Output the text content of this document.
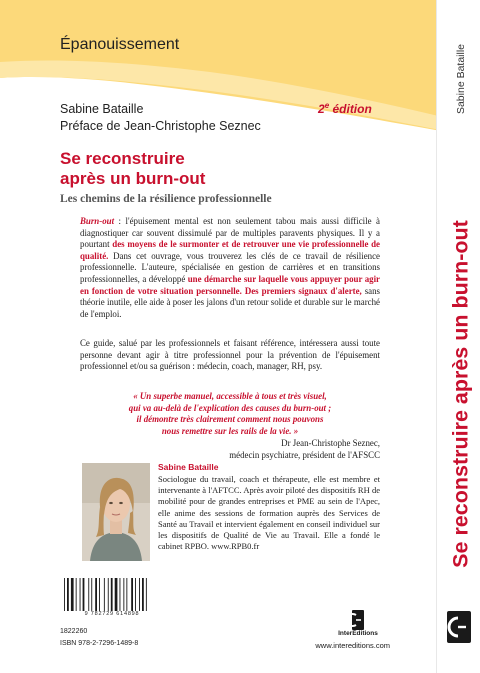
Épanouissement
Sabine Bataille
Préface de Jean-Christophe Seznec
2e édition
Se reconstruire
après un burn-out
Les chemins de la résilience professionnelle
Burn-out : l'épuisement mental est non seulement tabou mais aussi difficile à diagnostiquer car souvent dissimulé par de multiples paravents physiques. Il y a pourtant des moyens de le surmonter et de retrouver une vie professionnelle de qualité. Dans cet ouvrage, vous trouverez les clés de ce travail de résilience professionnelle. L'auteure, spécialisée en gestion de carrières et en transitions professionnelles, a développé une démarche sur laquelle vous appuyer pour agir en fonction de votre situation personnelle. Des premiers signaux d'alerte, sans théorie inutile, elle aide à poser les jalons d'un retour solide et durable sur le marché de l'emploi.
Ce guide, salué par les professionnels et faisant référence, intéressera aussi toute personne devant agir à titre professionnel pour la prévention de l'épuisement professionnel et/ou sa guérison : médecin, coach, manager, RH, psy.
« Un superbe manuel, accessible à tous et très visuel,
qui va au-delà de l'explication des causes du burn-out ;
il démontre très clairement comment nous pouvons
nous remettre sur les rails de la vie. »
Dr Jean-Christophe Seznec,
médecin psychiatre, président de l'AFSCC
Sabine Bataille
Sociologue du travail, coach et thérapeute, elle est membre et intervenante à l'AFTCC. Après avoir piloté des dispositifs RH de mobilité pour de grandes entreprises et PME au sein de l'Apec, elle anime des sessions de formation auprès des Services de Santé au Travail et intervient également en conseil individuel sur les dispositifs de Qualité de Vie au Travail. Elle a fondé le cabinet RPBO. www.RPB0.fr
9 782729 614898
1822260
ISBN 978-2-7296-1489-8
InterÉditions
www.intereditions.com
Sabine Bataille
Se reconstruire après un burn-out
